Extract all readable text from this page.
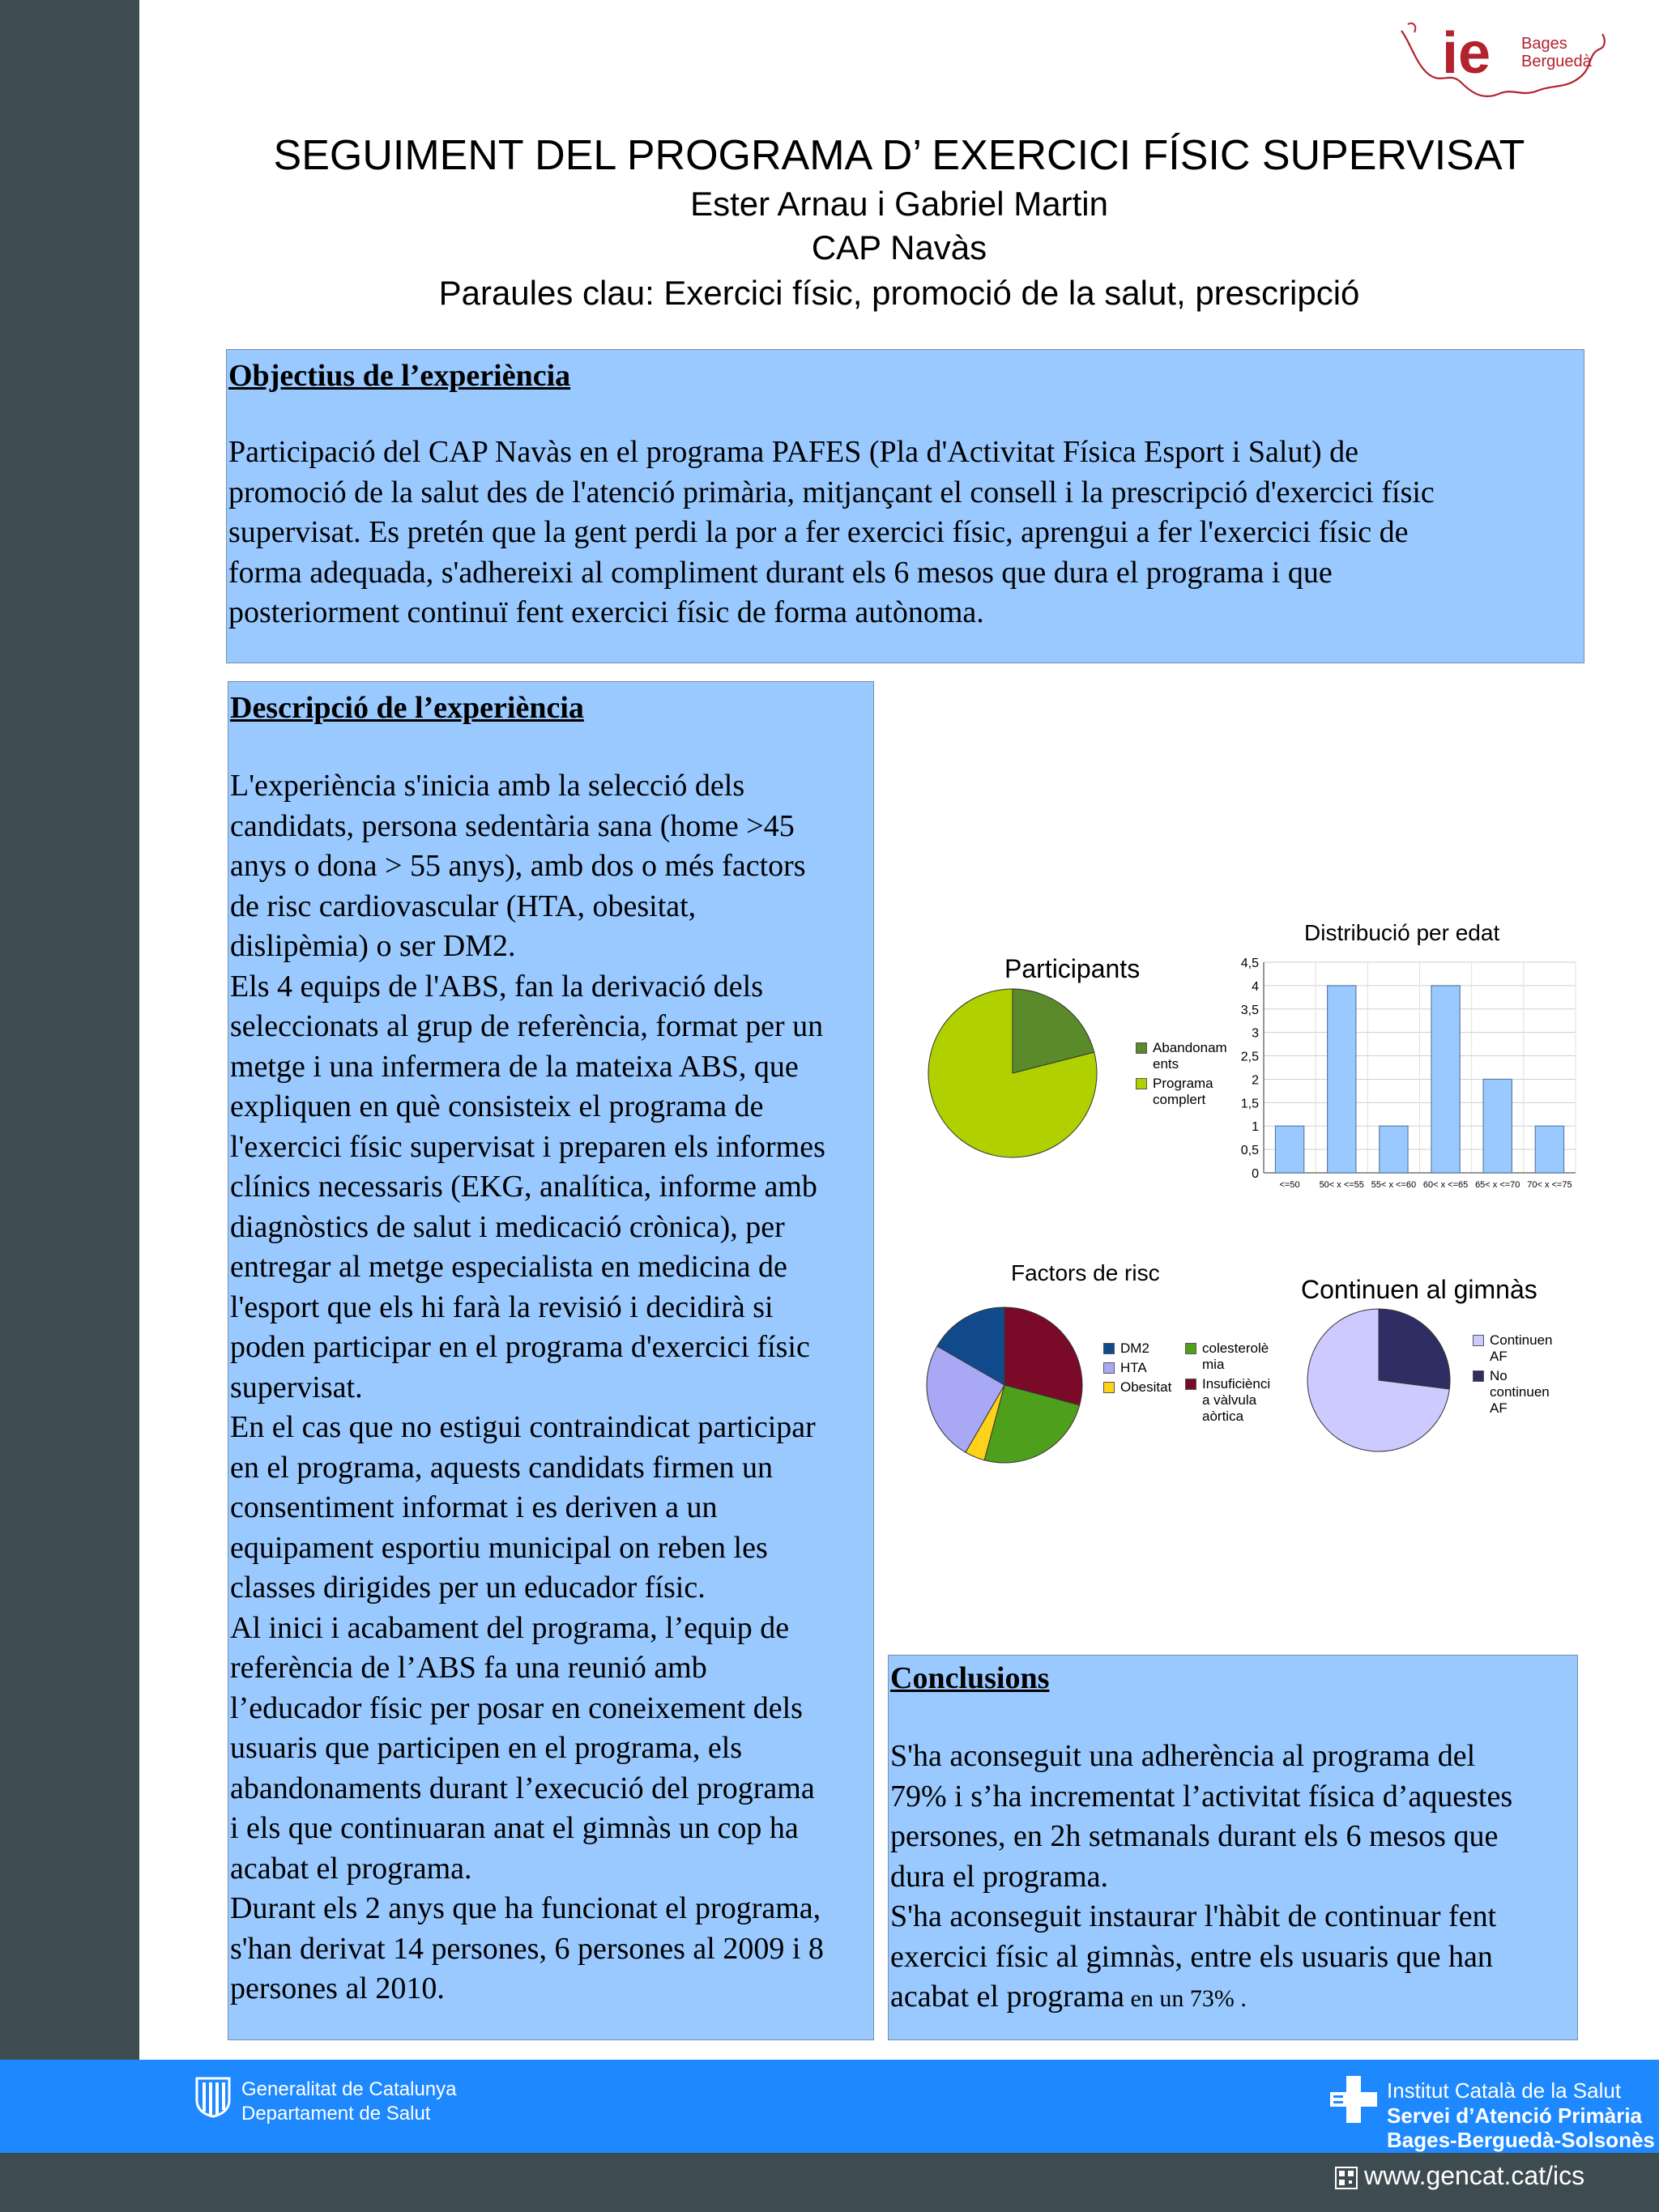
ie Bages
Berguedà
SEGUIMENT DEL PROGRAMA D’ EXERCICI FÍSIC SUPERVISAT
Ester Arnau i Gabriel Martin
CAP Navàs
Paraules clau: Exercici físic, promoció de la salut, prescripció
Objectius de l’experiència
Participació del CAP Navàs en el programa PAFES (Pla d'Activitat Física Esport i Salut) de
promoció de la salut des de l'atenció primària, mitjançant el consell i la prescripció d'exercici físic
supervisat. Es pretén que la gent perdi la por a fer exercici físic, aprengui a fer l'exercici físic de
forma adequada, s'adhereixi al compliment durant els 6 mesos que dura el programa i que
posteriorment continuï fent exercici físic de forma autònoma.
Descripció de l’experiència
L'experiència s'inicia amb la selecció dels
candidats, persona sedentària sana (home >45
anys o dona > 55 anys), amb dos o més factors
de risc cardiovascular (HTA, obesitat,
dislipèmia) o ser DM2.
Els 4 equips de l'ABS, fan la derivació dels
seleccionats al grup de referència, format per un
metge i una infermera de la mateixa ABS, que
expliquen en què consisteix el programa de
l'exercici físic supervisat i preparen els informes
clínics necessaris (EKG, analítica, informe amb
diagnòstics de salut i medicació crònica), per
entregar al metge especialista en medicina de
l'esport que els hi farà la revisió i decidirà si
poden participar en el programa d'exercici físic
supervisat.
En el cas que no estigui contraindicat participar
en el programa, aquests candidats firmen un
consentiment informat i es deriven a un
equipament esportiu municipal on reben les
classes dirigides per un educador físic.
Al inici i acabament del programa, l’equip de
referència de l’ABS fa una reunió amb
l’educador físic per posar en coneixement dels
usuaris que participen en el programa, els
abandonaments durant l’execució del programa
i els que continuaran anat el gimnàs un cop ha
acabat el programa.
Durant els 2 anys que ha funcionat el programa,
s'han derivat 14 persones, 6 persones al 2009 i 8
persones al 2010.
Conclusions
S'ha aconseguit una adherència al programa del
79% i s’ha incrementat l’activitat física d’aquestes
persones, en 2h setmanals durant els 6 mesos que
dura el programa.
S'ha aconseguit instaurar l'hàbit de continuar fent
exercici físic al gimnàs, entre els usuaris que han
acabat el programa en un 73% .
Participants
Abandonam
ents
Programa
complert
Distribució per edat
0
0,5
1
1,5
2
2,5
3
3,5
4
4,5
<=50 50< x <=55 55< x <=60 60< x <=65 65< x <=70 70< x <=75
Factors de risc
DM2
HTA
Obesitat
colesterolè
mia
Insuficiènci
a vàlvula
aòrtica
Continuen al gimnàs
Continuen
AF
No
continuen
AF
Generalitat de Catalunya
Departament de Salut
Institut Català de la Salut
Servei d’Atenció Primària
Bages-Berguedà-Solsonès
www.gencat.cat/ics
